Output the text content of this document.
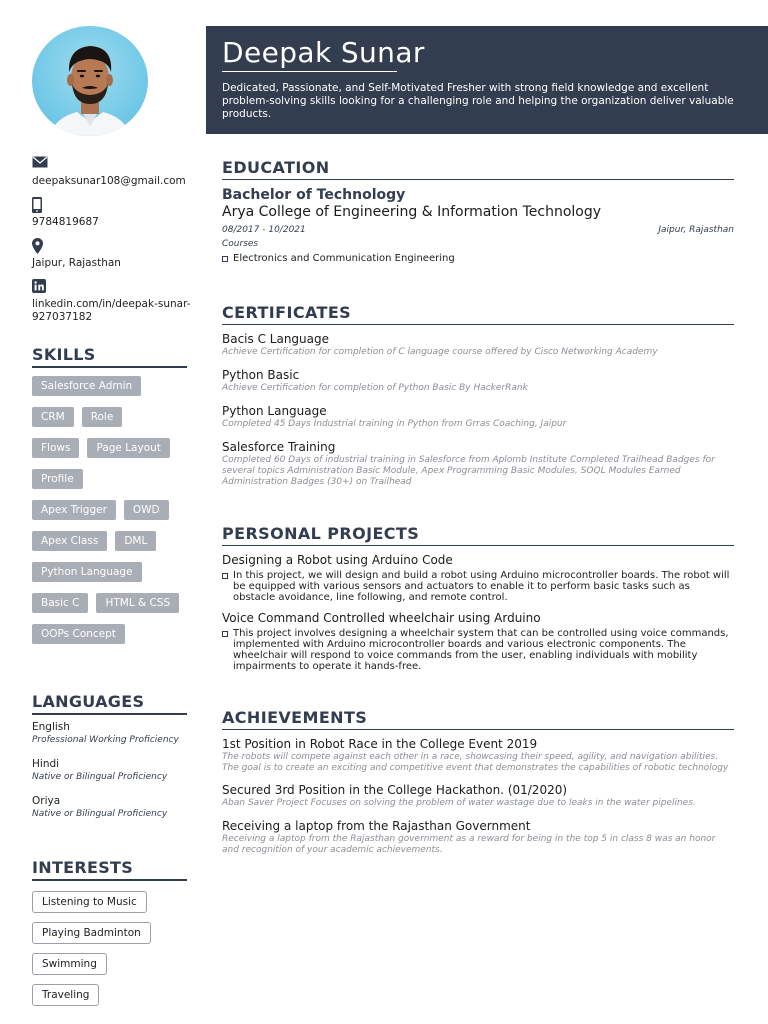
deepaksunar108@gmail.com
9784819687
Jaipur, Rajasthan
linkedin.com/in/deepak-sunar-927037182
SKILLS
Salesforce Admin
CRM	Role
Flows	Page Layout
Profile
Apex Trigger	OWD
Apex Class	DML
Python Language
Basic C	HTML & CSS
OOPs Concept
LANGUAGES
English
Professional Working Proficiency
Hindi
Native or Bilingual Proficiency
Oriya
Native or Bilingual Proficiency
INTERESTS
Listening to Music
Playing Badminton
Swimming
Traveling
Deepak Sunar
Dedicated, Passionate, and Self-Motivated Fresher with strong field knowledge and excellent problem-solving skills looking for a challenging role and helping the organization deliver valuable products.
EDUCATION
Bachelor of Technology
Arya College of Engineering & Information Technology
08/2017 - 10/2021	Jaipur, Rajasthan
Courses
Electronics and Communication Engineering
CERTIFICATES
Bacis C Language
Achieve Certification for completion of C language course offered by Cisco Networking Academy
Python Basic
Achieve Certification for completion of Python Basic By HackerRank
Python Language
Completed 45 Days Industrial training in Python from Grras Coaching, Jaipur
Salesforce Training
Completed 60 Days of industrial training in Salesforce from Aplomb Institute Completed Trailhead Badges for several topics Administration Basic Module, Apex Programming Basic Modules, SOQL Modules Earned Administration Badges (30+) on Trailhead
PERSONAL PROJECTS
Designing a Robot using Arduino Code
In this project, we will design and build a robot using Arduino microcontroller boards. The robot will be equipped with various sensors and actuators to enable it to perform basic tasks such as obstacle avoidance, line following, and remote control.
Voice Command Controlled wheelchair using Arduino
This project involves designing a wheelchair system that can be controlled using voice commands, implemented with Arduino microcontroller boards and various electronic components. The wheelchair will respond to voice commands from the user, enabling individuals with mobility impairments to operate it hands-free.
ACHIEVEMENTS
1st Position in Robot Race in the College Event 2019
The robots will compete against each other in a race, showcasing their speed, agility, and navigation abilities. The goal is to create an exciting and competitive event that demonstrates the capabilities of robotic technology
Secured 3rd Position in the College Hackathon. (01/2020)
Aban Saver Project Focuses on solving the problem of water wastage due to leaks in the water pipelines.
Receiving a laptop from the Rajasthan Government
Receiving a laptop from the Rajasthan government as a reward for being in the top 5 in class 8 was an honor and recognition of your academic achievements.
